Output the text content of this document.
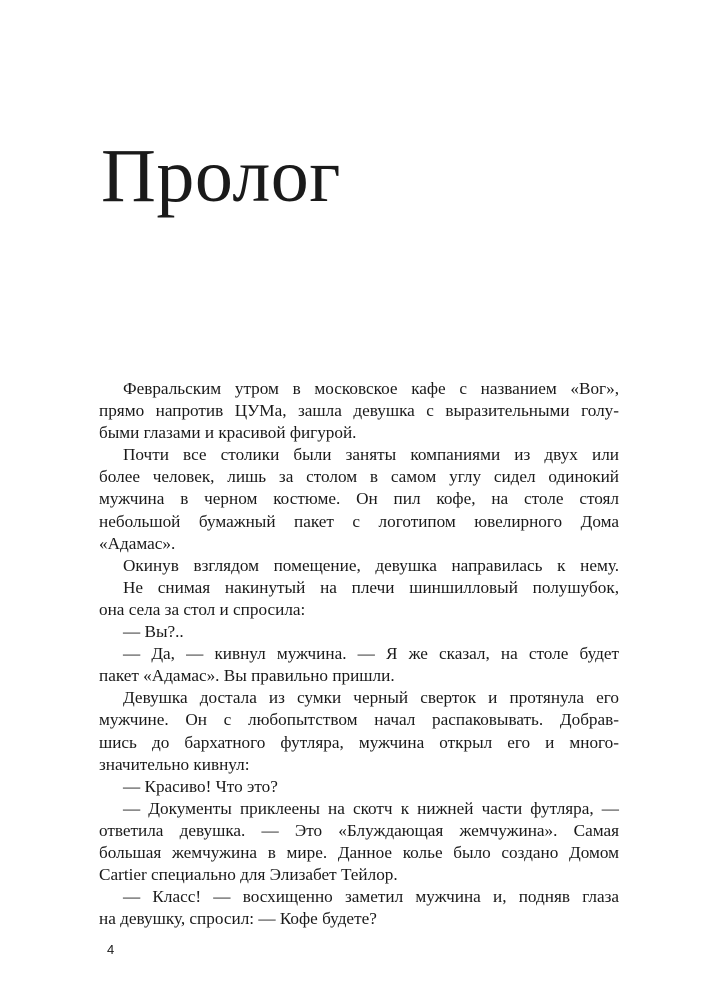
Пролог
Февральским утром в московское кафе с названием «Вог»,
прямо напротив ЦУМа, зашла девушка с выразительными голу-
быми глазами и красивой фигурой.
Почти все столики были заняты компаниями из двух или
более человек, лишь за столом в самом углу сидел одинокий
мужчина в черном костюме. Он пил кофе, на столе стоял
небольшой бумажный пакет с логотипом ювелирного Дома
«Адамас».
Окинув взглядом помещение, девушка направилась к нему.
Не снимая накинутый на плечи шиншилловый полушубок,
она села за стол и спросила:
— Вы?..
— Да, — кивнул мужчина. — Я же сказал, на столе будет
пакет «Адамас». Вы правильно пришли.
Девушка достала из сумки черный сверток и протянула его
мужчине. Он с любопытством начал распаковывать. Добрав-
шись до бархатного футляра, мужчина открыл его и много-
значительно кивнул:
— Красиво! Что это?
— Документы приклеены на скотч к нижней части футляра, —
ответила девушка. — Это «Блуждающая жемчужина». Самая
большая жемчужина в мире. Данное колье было создано Домом
Cartier специально для Элизабет Тейлор.
— Класс! — восхищенно заметил мужчина и, подняв глаза
на девушку, спросил: — Кофе будете?
4
